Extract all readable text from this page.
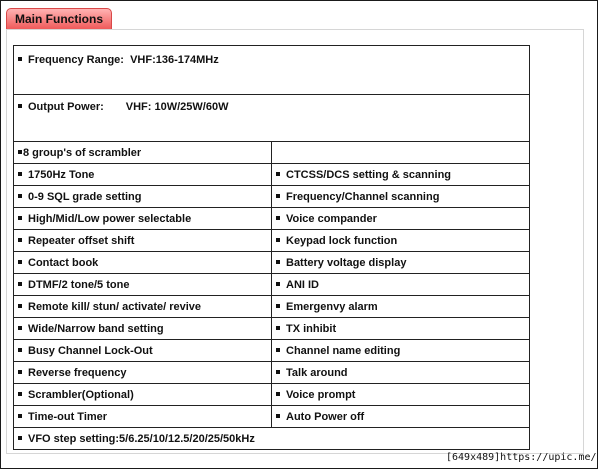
Main Functions
Frequency Range: VHF:136-174MHz	
Output Power: VHF: 10W/25W/60W	
8 group's of scrambler	
1750Hz Tone	CTCSS/DCS setting & scanning
0-9 SQL grade setting	Frequency/Channel scanning
High/Mid/Low power selectable	Voice compander
Repeater offset shift	Keypad lock function
Contact book	Battery voltage display
DTMF/2 tone/5 tone	ANI ID
Remote kill/ stun/ activate/ revive	Emergenvy alarm
Wide/Narrow band setting	TX inhibit
Busy Channel Lock-Out	Channel name editing
Reverse frequency	Talk around
Scrambler(Optional)	Voice prompt
Time-out Timer	Auto Power off
VFO step setting:5/6.25/10/12.5/20/25/50kHz	
[649x489]https://upic.me/
